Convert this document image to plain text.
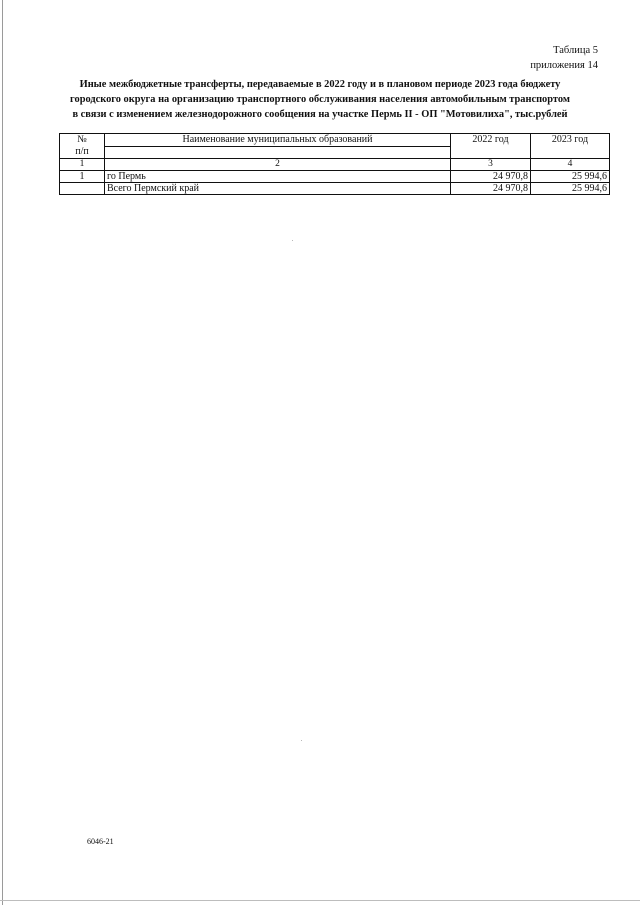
Таблица 5
приложения 14
Иные межбюджетные трансферты, передаваемые в 2022 году и в плановом периоде 2023 года бюджету
городского округа на организацию транспортного обслуживания населения автомобильным транспортом
в связи с изменением железнодорожного сообщения на участке Пермь II - ОП "Мотовилиха", тыс.рублей
№
п/п	Наименование муниципальных образований	2022 год	2023 год

1	2	3	4
1	го Пермь	24 970,8	25 994,6
	Всего Пермский край	24 970,8	25 994,6
6046-21
